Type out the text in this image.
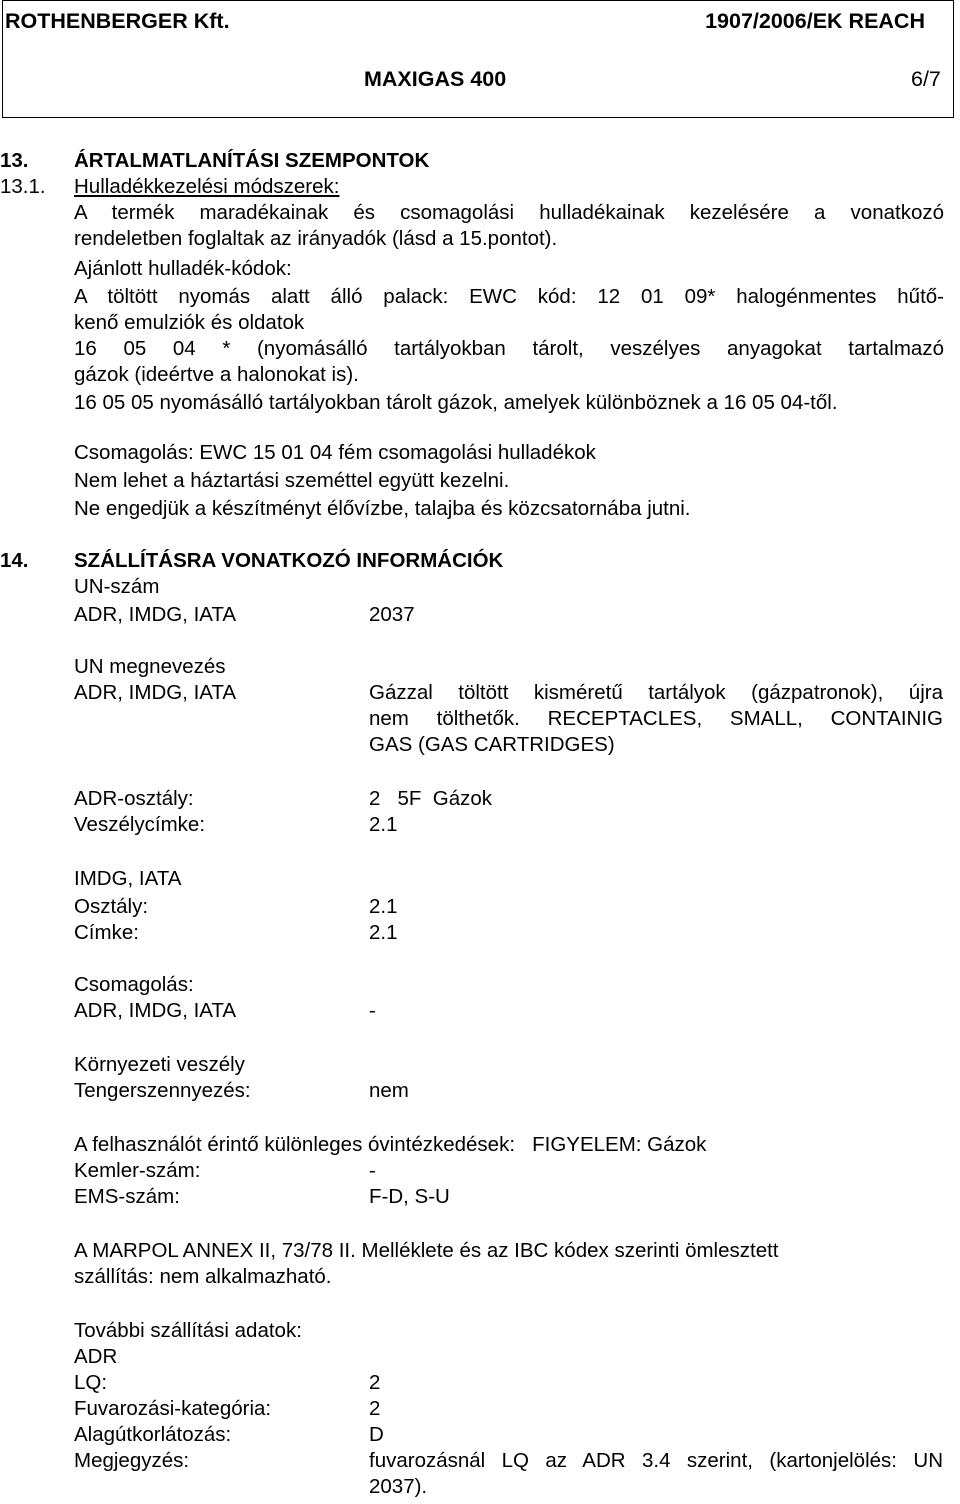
ROTHENBERGER Kft.	1907/2006/EK REACH
MAXIGAS 400	6/7
13. ÁRTALMATLANÍTÁSI SZEMPONTOK
13.1. Hulladékkezelési módszerek:
A termék maradékainak és csomagolási hulladékainak kezelésére a vonatkozó
rendeletben foglaltak az irányadók (lásd a 15.pontot).
Ajánlott hulladék-kódok:
A töltött nyomás alatt álló palack: EWC kód: 12 01 09* halogénmentes hűtő-
kenő emulziók és oldatok
16 05 04 * (nyomásálló tartályokban tárolt, veszélyes anyagokat tartalmazó
gázok (ideértve a halonokat is).
16 05 05 nyomásálló tartályokban tárolt gázok, amelyek különböznek a 16 05 04-től.
Csomagolás: EWC 15 01 04 fém csomagolási hulladékok
Nem lehet a háztartási szeméttel együtt kezelni.
Ne engedjük a készítményt élővízbe, talajba és közcsatornába jutni.
14. SZÁLLÍTÁSRA VONATKOZÓ INFORMÁCIÓK
UN-szám
ADR, IMDG, IATA	2037
UN megnevezés
ADR, IMDG, IATA	Gázzal töltött kisméretű tartályok (gázpatronok), újra
nem tölthetők. RECEPTACLES, SMALL, CONTAINIG
GAS (GAS CARTRIDGES)
ADR-osztály:	2   5F  Gázok
Veszélycímke:	2.1
IMDG, IATA
Osztály:	2.1
Címke:	2.1
Csomagolás:
ADR, IMDG, IATA	-
Környezeti veszély
Tengerszennyezés:	nem
A felhasználót érintő különleges óvintézkedések:   FIGYELEM: Gázok
Kemler-szám:	-
EMS-szám:	F-D, S-U
A MARPOL ANNEX II, 73/78 II. Melléklete és az IBC kódex szerinti ömlesztett
szállítás: nem alkalmazható.
További szállítási adatok:
ADR
LQ:	2
Fuvarozási-kategória:	2
Alagútkorlátozás:	D
Megjegyzés:	fuvarozásnál LQ az ADR 3.4 szerint, (kartonjelölés: UN
2037).
